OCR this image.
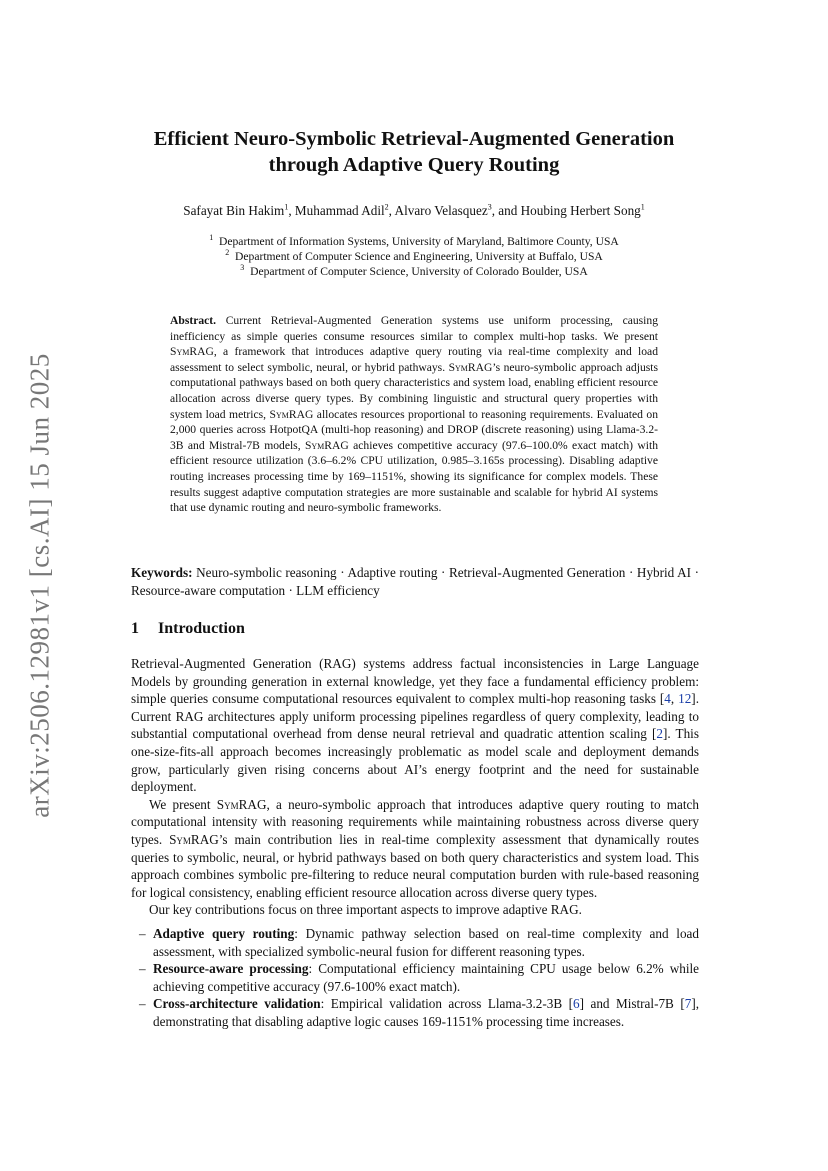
arXiv:2506.12981v1 [cs.AI] 15 Jun 2025
Efficient Neuro-Symbolic Retrieval-Augmented Generation
through Adaptive Query Routing
Safayat Bin Hakim$^1$, Muhammad Adil$^2$, Alvaro Velasquez$^3$, and Houbing Herbert Song$^1$
$^1$ Department of Information Systems, University of Maryland, Baltimore County, USA
$^2$ Department of Computer Science and Engineering, University at Buffalo, USA
$^3$ Department of Computer Science, University of Colorado Boulder, USA

Abstract. Current Retrieval-Augmented Generation systems use uniform processing, causing inefficiency as simple queries consume resources similar to complex multi-hop tasks. We present SymRAG, a framework that introduces adaptive query routing via real-time complexity and load assessment to select symbolic, neural, or hybrid pathways. SymRAG’s neuro-symbolic approach adjusts computational pathways based on both query characteristics and system load, enabling efficient resource allocation across diverse query types. By combining linguistic and structural query properties with system load metrics, SymRAG allocates resources proportional to reasoning requirements. Evaluated on 2,000 queries across HotpotQA (multi-hop reasoning) and DROP (discrete reasoning) using Llama-3.2-3B and Mistral-7B models, SymRAG achieves competitive accuracy (97.6–100.0% exact match) with efficient resource utilization (3.6–6.2% CPU utilization, 0.985–3.165s processing). Disabling adaptive routing increases processing time by 169–1151%, showing its significance for complex models. These results suggest adaptive computation strategies are more sustainable and scalable for hybrid AI systems that use dynamic routing and neuro-symbolic frameworks.

Keywords: Neuro-symbolic reasoning · Adaptive routing · Retrieval-Augmented Generation · Hybrid AI · Resource-aware computation · LLM efficiency

1 Introduction

Retrieval-Augmented Generation (RAG) systems address factual inconsistencies in Large Language Models by grounding generation in external knowledge, yet they face a fundamental efficiency problem: simple queries consume computational resources equivalent to complex multi-hop reasoning tasks [4, 12]. Current RAG architectures apply uniform processing pipelines regardless of query complexity, leading to substantial computational overhead from dense neural retrieval and quadratic attention scaling [2]. This one-size-fits-all approach becomes increasingly problematic as model scale and deployment demands grow, particularly given rising concerns about AI’s energy footprint and the need for sustainable deployment.

We present SymRAG, a neuro-symbolic approach that introduces adaptive query routing to match computational intensity with reasoning requirements while maintaining robustness across diverse query types. SymRAG’s main contribution lies in real-time complexity assessment that dynamically routes queries to symbolic, neural, or hybrid pathways based on both query characteristics and system load. This approach combines symbolic pre-filtering to reduce neural computation burden with rule-based reasoning for logical consistency, enabling efficient resource allocation across diverse query types.

Our key contributions focus on three important aspects to improve adaptive RAG.

– Adaptive query routing: Dynamic pathway selection based on real-time complexity and load assessment, with specialized symbolic-neural fusion for different reasoning types.
– Resource-aware processing: Computational efficiency maintaining CPU usage below 6.2% while achieving competitive accuracy (97.6-100% exact match).
– Cross-architecture validation: Empirical validation across Llama-3.2-3B [6] and Mistral-7B [7], demonstrating that disabling adaptive logic causes 169-1151% processing time increases.
